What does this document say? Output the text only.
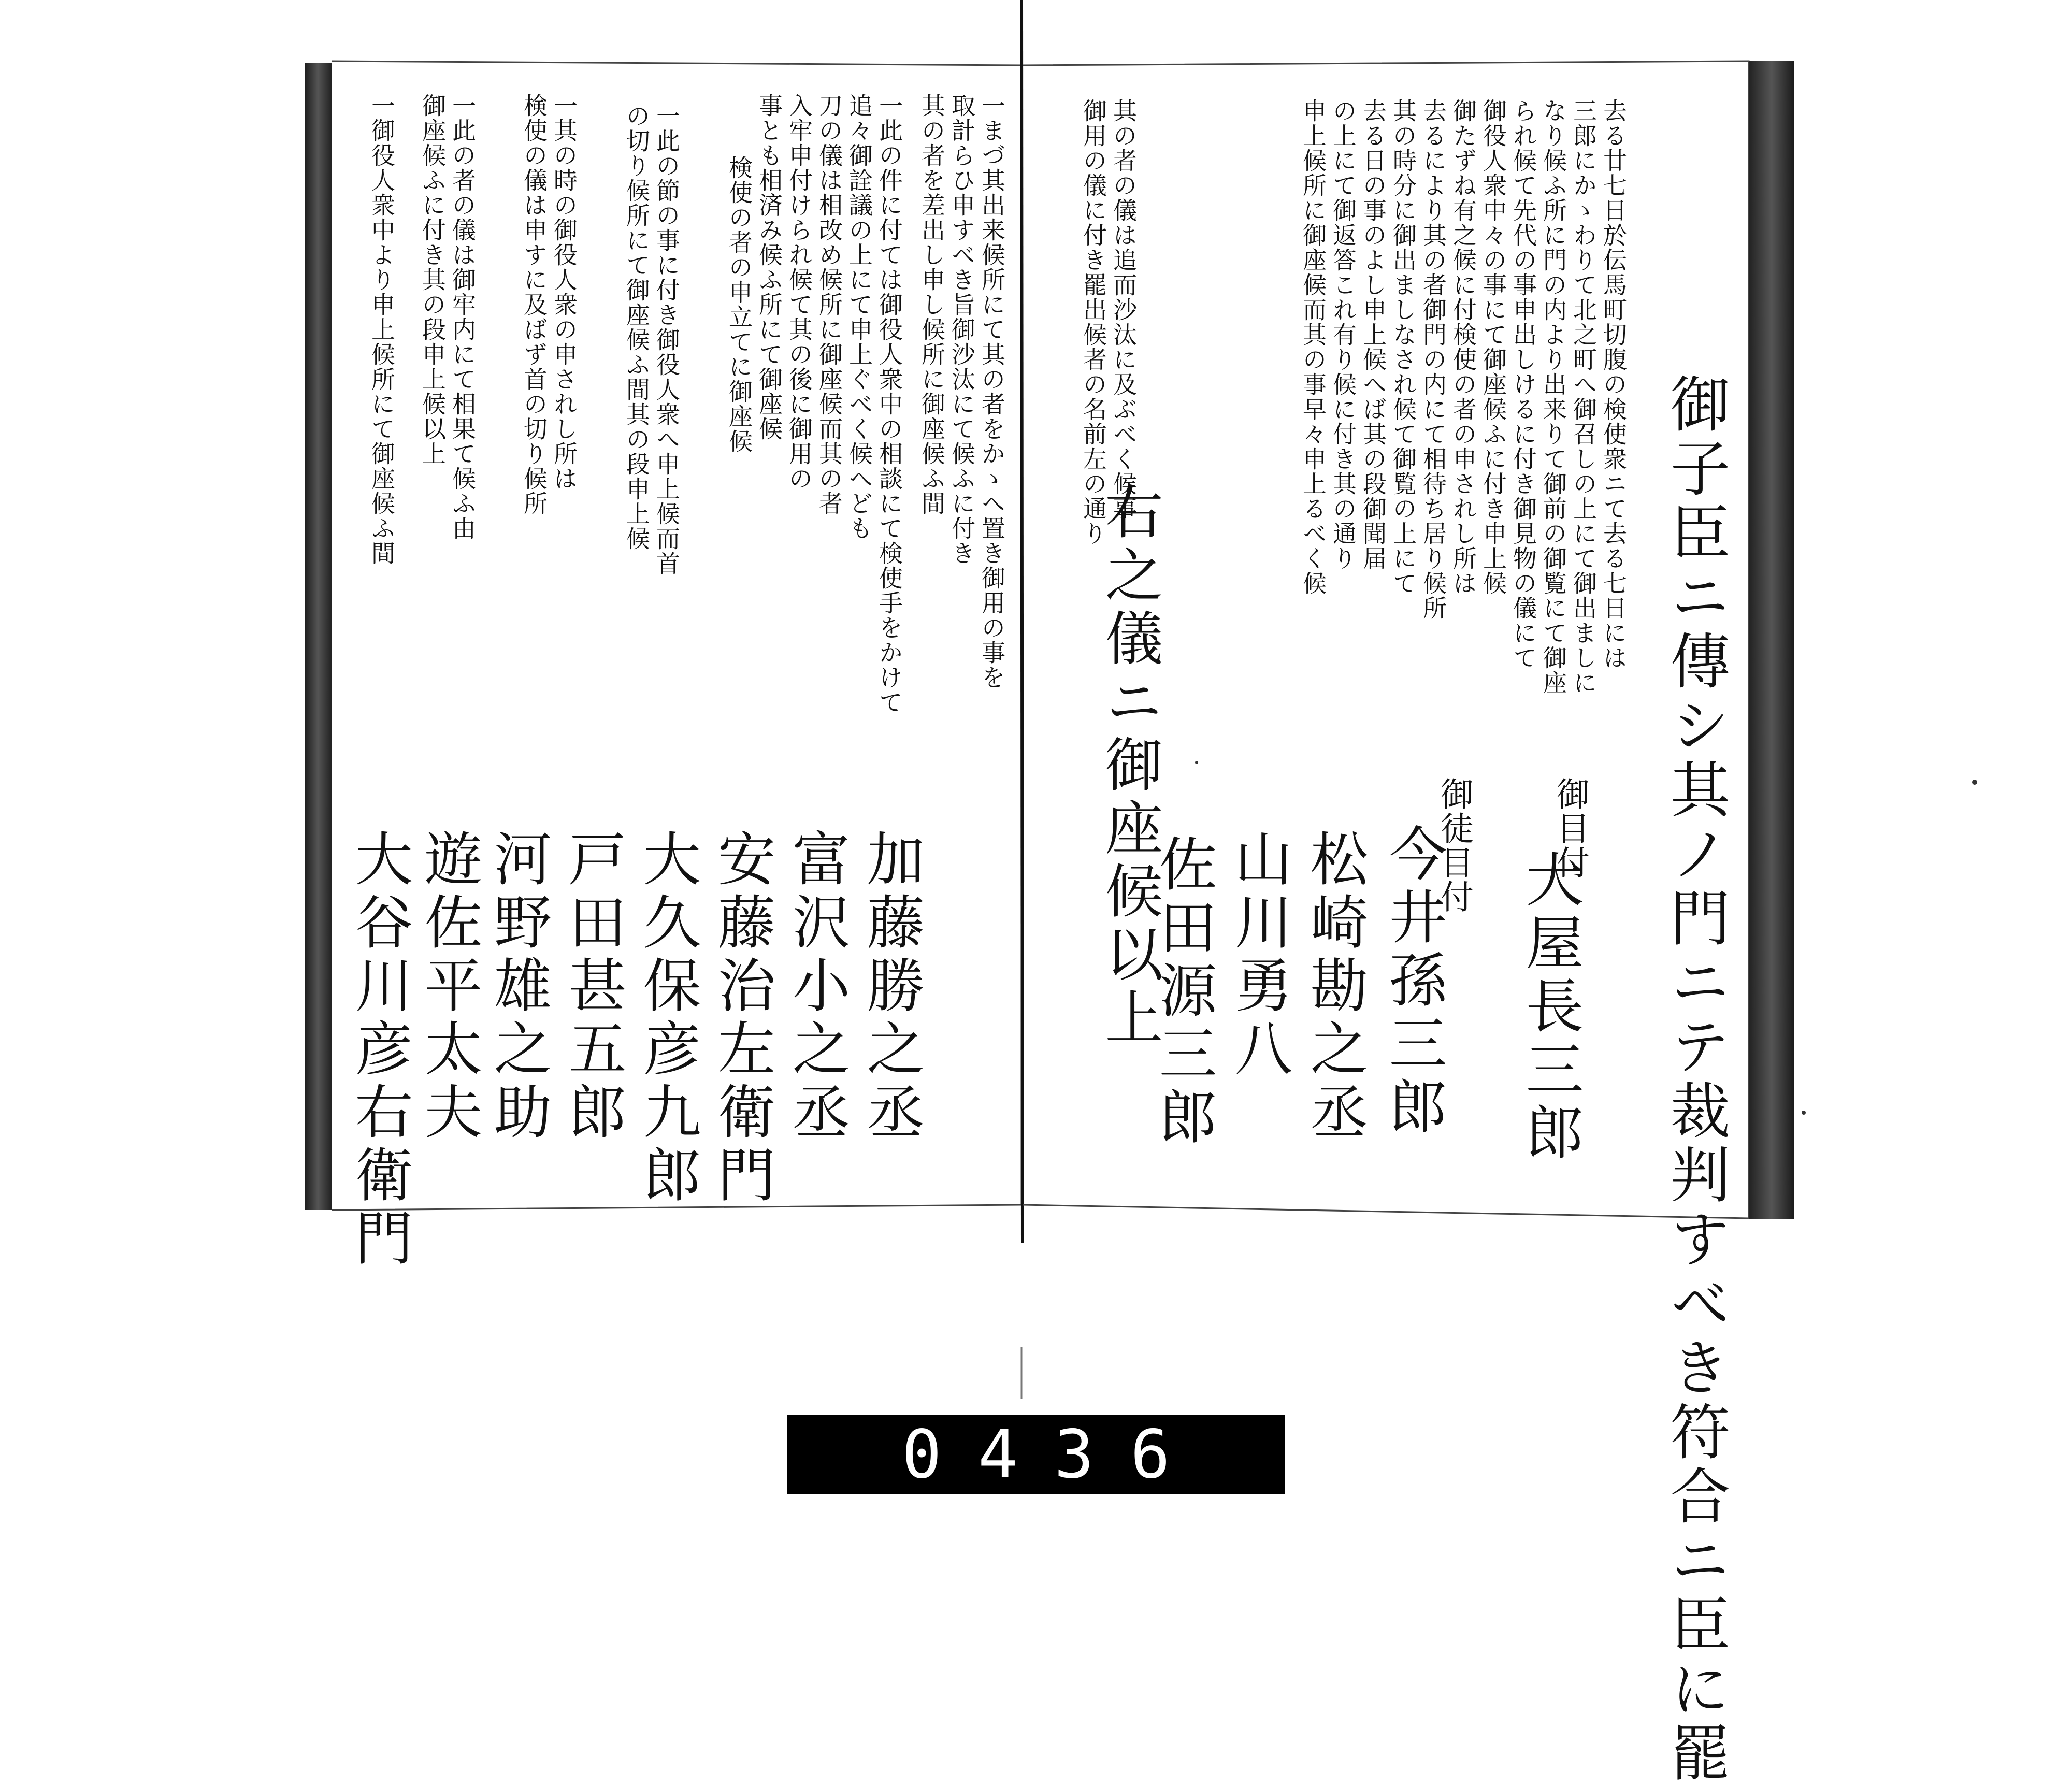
御子臣ニ傳シ其ノ門ニテ裁判すべき符合ニ臣に罷
去る廿七日於伝馬町切腹の検使衆ニて去る七日には
三郎にかゝわりて北之町へ御召しの上にて御出ましに
なり候ふ所に門の内より出来りて御前の御覧にて御座
られ候て先代の事申出しけるに付き御見物の儀にて
御役人衆中々の事にて御座候ふに付き申上候
御たずね有之候に付検使の者の申されし所は
去るにより其の者御門の内にて相待ち居り候所
其の時分に御出ましなされ候て御覧の上にて
去る日の事のよし申上候へば其の段御聞届
の上にて御返答これ有り候に付き其の通り
申上候所に御座候而其の事早々申上るべく候
其の者の儀は追而沙汰に及ぶべく候事
御用の儀に付き罷出候者の名前左の通り
右之儀ニ御座候以上	御目付
大屋長三郎
御徒目付
今井孫三郎
松崎勘之丞
山川勇八
佐田源三郎
一まづ其出来候所にて其の者をかゝへ置き御用の事を
取計らひ申すべき旨御沙汰にて候ふに付き
其の者を差出し申し候所に御座候ふ間
一此の件に付ては御役人衆中の相談にて検使手をかけて
追々御詮議の上にて申上ぐべく候へども
刀の儀は相改め候所に御座候而其の者
入牢申付けられ候て其の後に御用の
事とも相済み候ふ所にて御座候
検使の者の申立てに御座候
一此の節の事に付き御役人衆へ申上候而首
の切り候所にて御座候ふ間其の段申上候
一其の時の御役人衆の申されし所は
検使の儀は申すに及ばず首の切り候所
一此の者の儀は御牢内にて相果て候ふ由
御座候ふに付き其の段申上候以上
一御役人衆中より申上候所にて御座候ふ間
加藤勝之丞
富沢小之丞
安藤治左衛門
大久保彦九郎
戸田甚五郎
河野雄之助
遊佐平太夫
大谷川彦右衛門
0436
